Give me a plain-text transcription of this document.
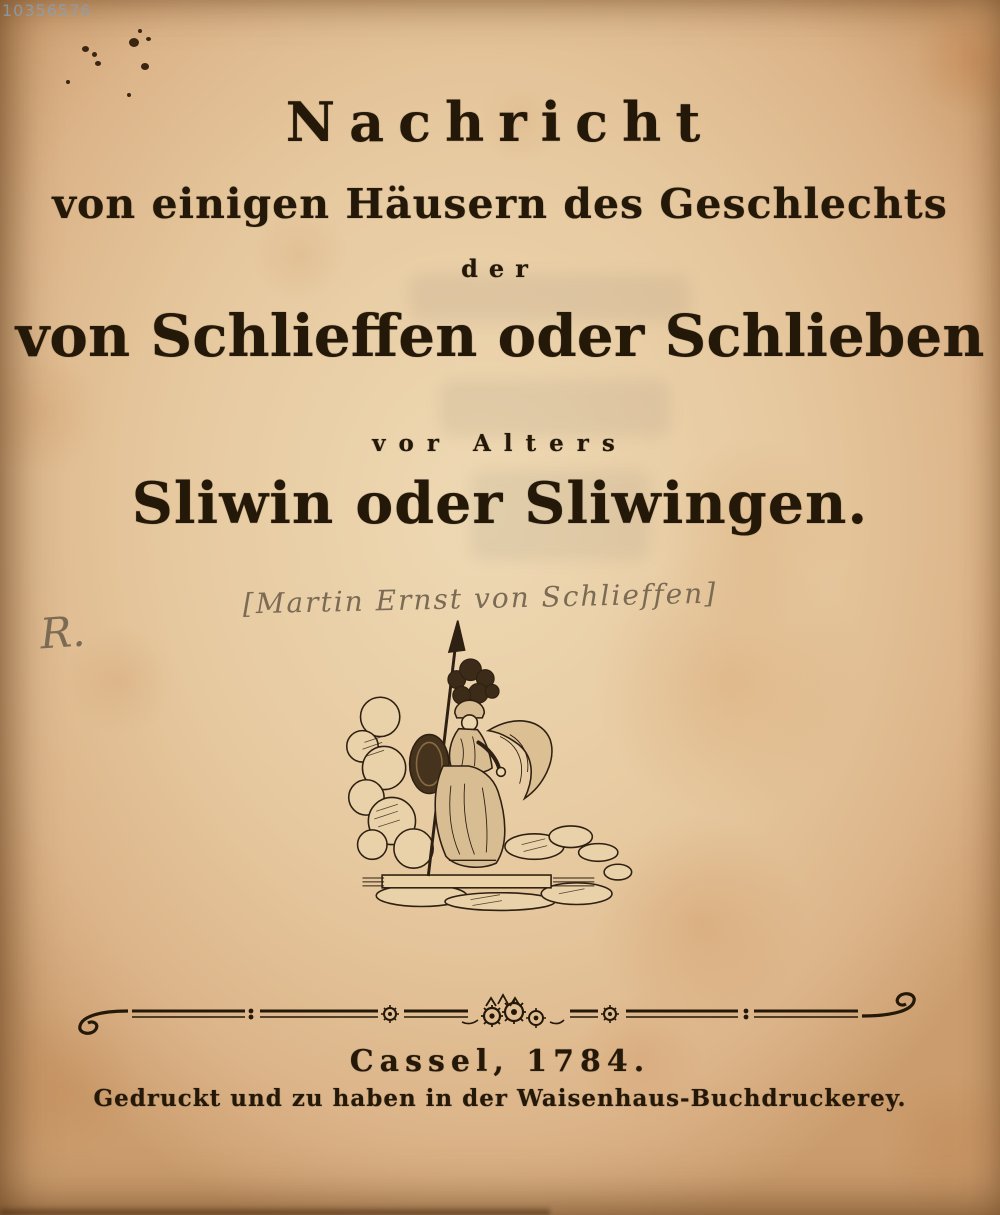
10356576
Nachricht
von einigen Häusern des Geschlechts
der
von Schlieffen oder Schlieben
vor Alters
Sliwin oder Sliwingen.
[Martin Ernst von Schlieffen]
R.
Cassel, 1784.
Gedruckt und zu haben in der Waisenhaus-Buchdruckerey.
